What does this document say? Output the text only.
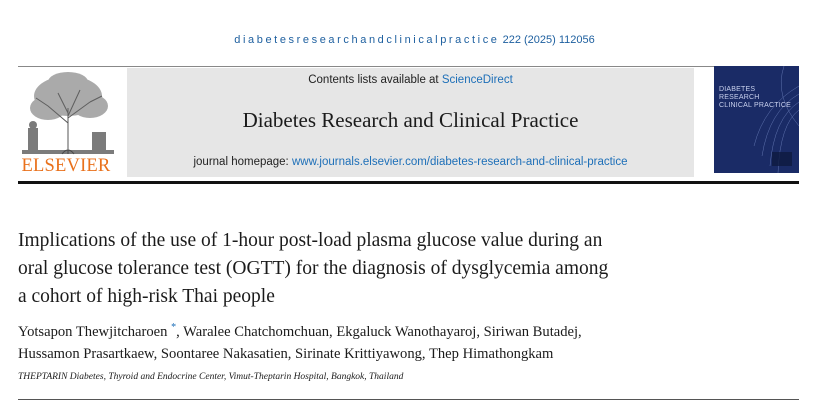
diabetesresearchandclinicalpractice 222 (2025) 112056
ELSEVIER
Contents lists available at ScienceDirect
Diabetes Research and Clinical Practice
journal homepage: www.journals.elsevier.com/diabetes-research-and-clinical-practice
DIABETES
RESEARCH
CLINICAL PRACTICE
Implications of the use of 1-hour post-load plasma glucose value during an
oral glucose tolerance test (OGTT) for the diagnosis of dysglycemia among
a cohort of high-risk Thai people
Yotsapon Thewjitcharoen *, Waralee Chatchomchuan, Ekgaluck Wanothayaroj, Siriwan Butadej,
Hussamon Prasartkaew, Soontaree Nakasatien, Sirinate Krittiyawong, Thep Himathongkam
THEPTARIN Diabetes, Thyroid and Endocrine Center, Vimut-Theptarin Hospital, Bangkok, Thailand
